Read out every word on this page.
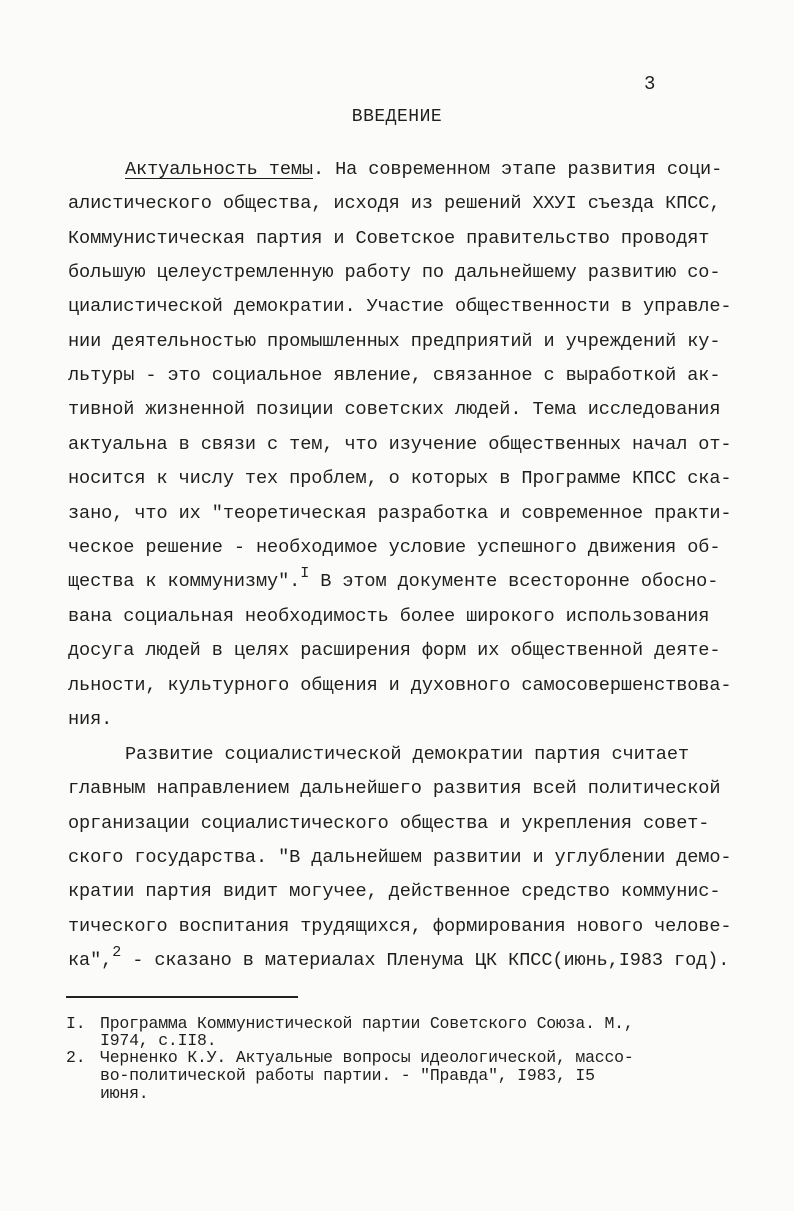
3
ВВЕДЕНИЕ
Актуальность темы. На современном этапе развития соци-
алистического общества, исходя из решений ХХУI съезда КПСС,
Коммунистическая партия и Советское правительство проводят
большую целеустремленную работу по дальнейшему развитию со-
циалистической демократии. Участие общественности в управле-
нии деятельностью промышленных предприятий и учреждений ку-
льтуры - это социальное явление, связанное с выработкой ак-
тивной жизненной позиции советских людей. Тема исследования
актуальна в связи с тем, что изучение общественных начал от-
носится к числу тех проблем, о которых в Программе КПСС ска-
зано, что их "теоретическая разработка и современное практи-
ческое решение - необходимое условие успешного движения об-
щества к коммунизму".$^I$ В этом документе всесторонне обосно-
вана социальная необходимость более широкого использования
досуга людей в целях расширения форм их общественной деяте-
льности, культурного общения и духовного самосовершенствова-
ния.
Развитие социалистической демократии партия считает
главным направлением дальнейшего развития всей политической
организации социалистического общества и укрепления совет-
ского государства. "В дальнейшем развитии и углублении демо-
кратии партия видит могучее, действенное средство коммунис-
тического воспитания трудящихся, формирования нового челове-
ка",$^2$ - сказано в материалах Пленума ЦК КПСС(июнь,I983 год).
I. Программа Коммунистической партии Советского Союза. М.,
I974, с.II8.
2. Черненко К.У. Актуальные вопросы идеологической, массо-
во-политической работы партии. - "Правда", I983, I5
июня.
